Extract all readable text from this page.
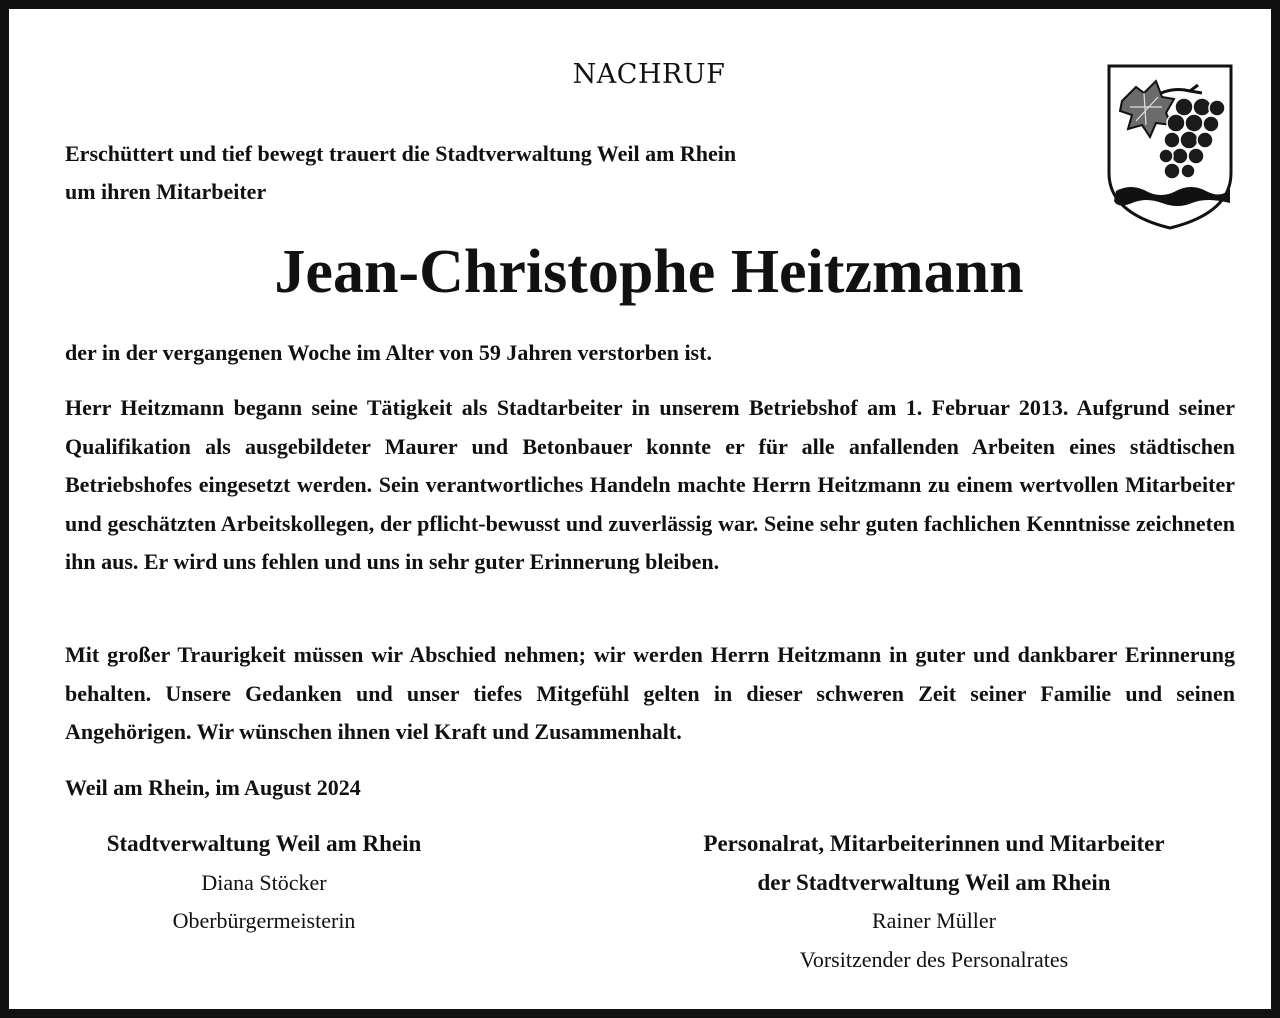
NACHRUF
Erschüttert und tief bewegt trauert die Stadtverwaltung Weil am Rhein
um ihren Mitarbeiter
Jean-Christophe Heitzmann

der in der vergangenen Woche im Alter von 59 Jahren verstorben ist.

Herr Heitzmann begann seine Tätigkeit als Stadtarbeiter in unserem Betriebshof am 1. Februar 2013. Aufgrund seiner Qualifikation als ausgebildeter Maurer und Betonbauer konnte er für alle anfallenden Arbeiten eines städtischen Betriebshofes eingesetzt werden. Sein verantwortliches Handeln machte Herrn Heitzmann zu einem wertvollen Mitarbeiter und geschätzten Arbeitskollegen, der pflicht-bewusst und zuverlässig war. Seine sehr guten fachlichen Kenntnisse zeichneten ihn aus. Er wird uns fehlen und uns in sehr guter Erinnerung bleiben.

Mit großer Traurigkeit müssen wir Abschied nehmen; wir werden Herrn Heitzmann in guter und dankbarer Erinnerung behalten. Unsere Gedanken und unser tiefes Mitgefühl gelten in dieser schweren Zeit seiner Familie und seinen Angehörigen. Wir wünschen ihnen viel Kraft und Zusammenhalt.

Weil am Rhein, im August 2024

Stadtverwaltung Weil am Rhein
Diana Stöcker
Oberbürgermeisterin
Personalrat, Mitarbeiterinnen und Mitarbeiter
der Stadtverwaltung Weil am Rhein
Rainer Müller
Vorsitzender des Personalrates
